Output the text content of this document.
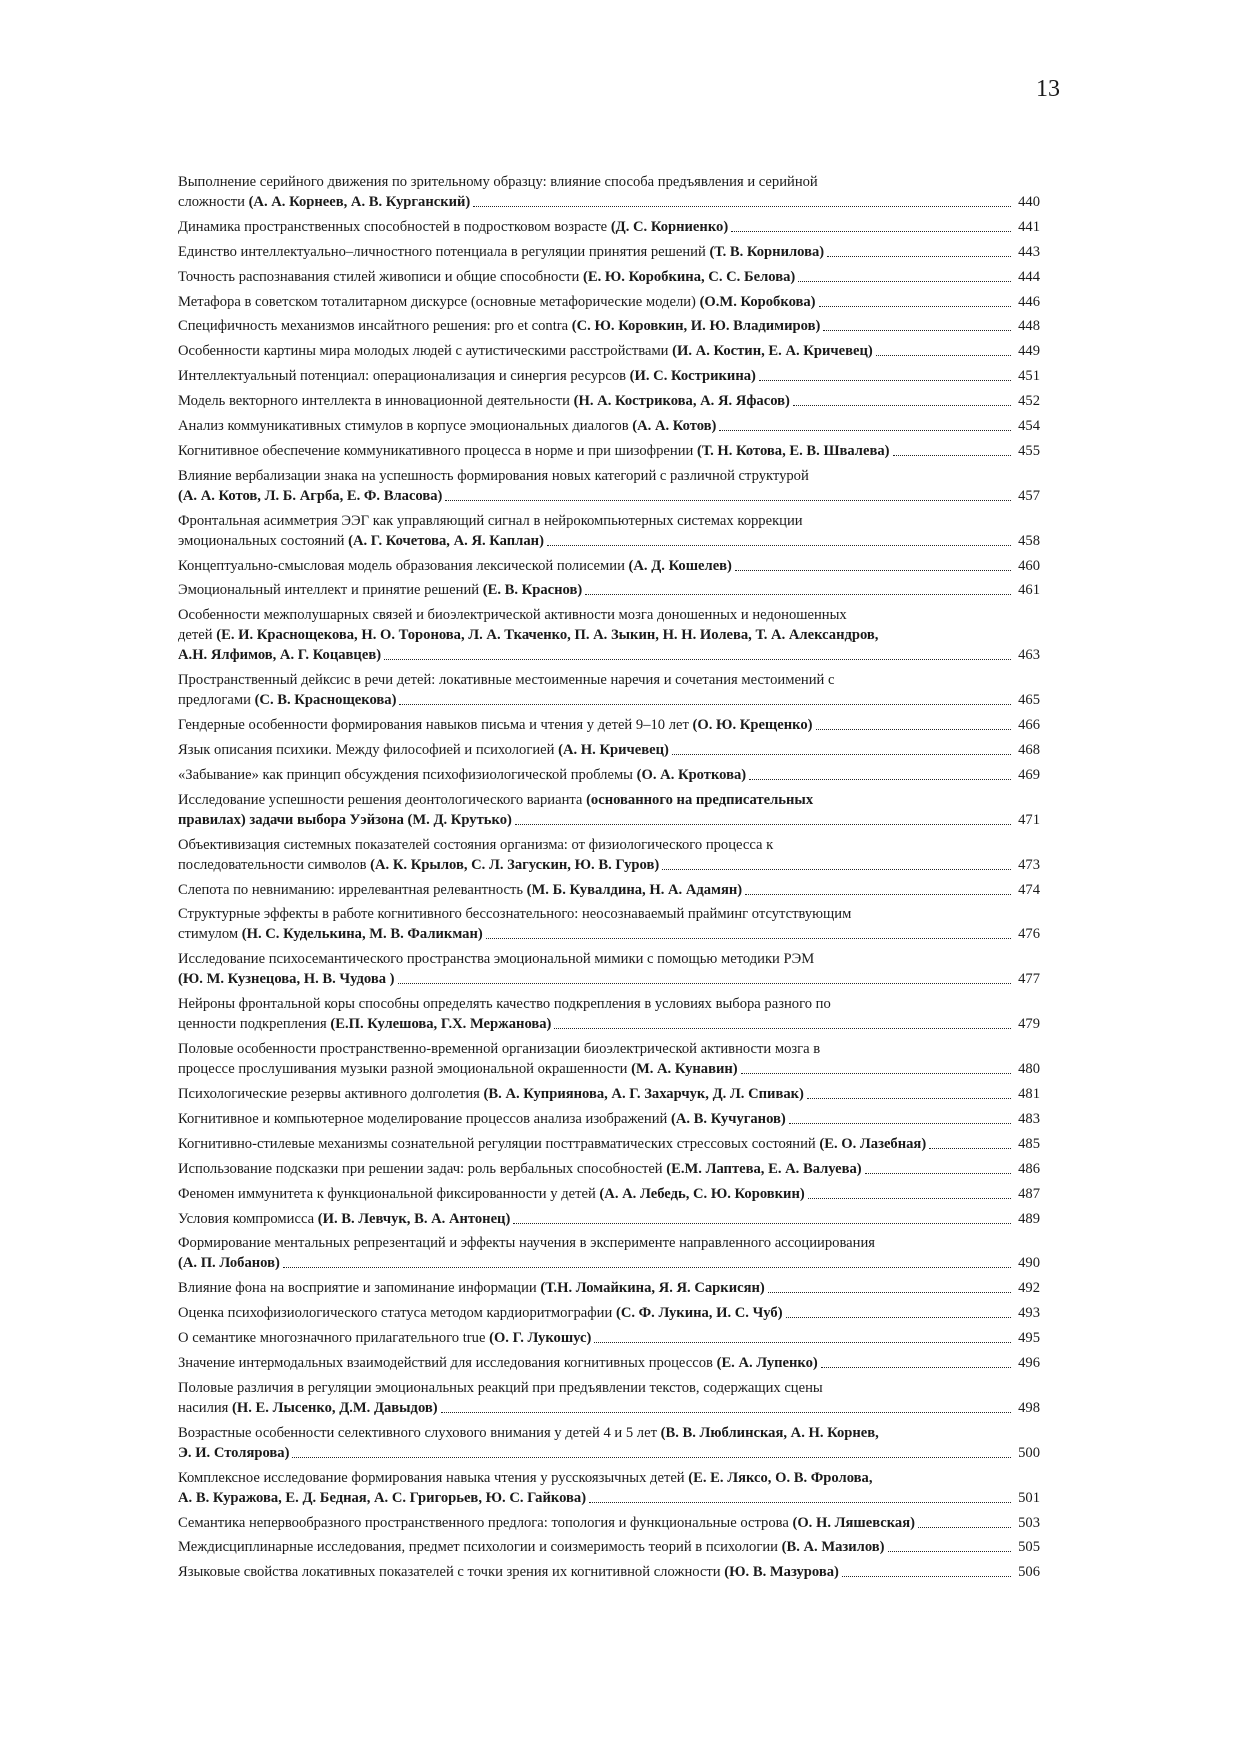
13
Выполнение серийного движения по зрительному образцу: влияние способа предъявления и серийной
сложности (А. А. Корнеев, А. В. Курганский)	440
Динамика пространственных способностей в подростковом возрасте (Д. С. Корниенко)	441
Единство интеллектуально–личностного потенциала в регуляции принятия решений (Т. В. Корнилова)	443
Точность распознавания стилей живописи и общие способности (Е. Ю. Коробкина, С. С. Белова)	444
Метафора в советском тоталитарном дискурсе (основные метафорические модели) (О.М. Коробкова)	446
Специфичность механизмов инсайтного решения: pro et contra (С. Ю. Коровкин, И. Ю. Владимиров)	448
Особенности картины мира молодых людей с аутистическими расстройствами (И. А. Костин, Е. А. Кричевец)	449
Интеллектуальный потенциал: операционализация и синергия ресурсов (И. С. Кострикина)	451
Модель векторного интеллекта в инновационной деятельности (Н. А. Кострикова, А. Я. Яфасов)	452
Анализ коммуникативных стимулов в корпусе эмоциональных диалогов (А. А. Котов)	454
Когнитивное обеспечение коммуникативного процесса в норме и при шизофрении (Т. Н. Котова, Е. В. Швалева)	455
Влияние вербализации знака на успешность формирования новых категорий с различной структурой
(А. А. Котов, Л. Б. Агрба, Е. Ф. Власова)	457
Фронтальная асимметрия ЭЭГ как управляющий сигнал в нейрокомпьютерных системах коррекции
эмоциональных состояний (А. Г. Кочетова, А. Я. Каплан)	458
Концептуально-смысловая модель образования лексической полисемии (А. Д. Кошелев)	460
Эмоциональный интеллект и принятие решений (Е. В. Краснов)	461
Особенности межполушарных связей и биоэлектрической активности мозга доношенных и недоношенных
детей (Е. И. Краснощекова, Н. О. Торонова, Л. А. Ткаченко, П. А. Зыкин, Н. Н. Иолева, Т. А. Александров,
А.Н. Ялфимов, А. Г. Коцавцев)	463
Пространственный дейксис в речи детей: локативные местоименные наречия и сочетания местоимений с
предлогами (С. В. Краснощекова)	465
Гендерные особенности формирования навыков письма и чтения у детей 9–10 лет (О. Ю. Крещенко)	466
Язык описания психики. Между философией и психологией (А. Н. Кричевец)	468
«Забывание» как принцип обсуждения психофизиологической проблемы (О. А. Кроткова)	469
Исследование успешности решения деонтологического варианта (основанного на предписательных
правилах) задачи выбора Уэйзона (М. Д. Крутько)	471
Объективизация системных показателей состояния организма: от физиологического процесса к
последовательности символов (А. К. Крылов, С. Л. Загускин, Ю. В. Гуров)	473
Слепота по невниманию: иррелевантная релевантность (М. Б. Кувалдина, Н. А. Адамян)	474
Структурные эффекты в работе когнитивного бессознательного: неосознаваемый прайминг отсутствующим
стимулом (Н. С. Куделькина, М. В. Фаликман)	476
Исследование психосемантического пространства эмоциональной мимики с помощью методики РЭМ
(Ю. М. Кузнецова, Н. В. Чудова )	477
Нейроны фронтальной коры способны определять качество подкрепления в условиях выбора разного по
ценности подкрепления (Е.П. Кулешова, Г.Х. Мержанова)	479
Половые особенности пространственно-временной организации биоэлектрической активности мозга в
процессе прослушивания музыки разной эмоциональной окрашенности (М. А. Кунавин)	480
Психологические резервы активного долголетия (В. А. Куприянова, А. Г. Захарчук, Д. Л. Спивак)	481
Когнитивное и компьютерное моделирование процессов анализа изображений (А. В. Кучуганов)	483
Когнитивно-стилевые механизмы сознательной регуляции посттравматических стрессовых состояний (Е. О. Лазебная)	485
Использование подсказки при решении задач: роль вербальных способностей (Е.М. Лаптева, Е. А. Валуева)	486
Феномен иммунитета к функциональной фиксированности у детей (А. А. Лебедь, С. Ю. Коровкин)	487
Условия компромисса (И. В. Левчук, В. А. Антонец)	489
Формирование ментальных репрезентаций и эффекты научения в эксперименте направленного ассоциирования
(А. П. Лобанов)	490
Влияние фона на восприятие и запоминание информации (Т.Н. Ломайкина, Я. Я. Саркисян)	492
Оценка психофизиологического статуса методом кардиоритмографии (С. Ф. Лукина, И. С. Чуб)	493
О семантике многозначного прилагательного true (О. Г. Лукошус)	495
Значение интермодальных взаимодействий для исследования когнитивных процессов (Е. А. Лупенко)	496
Половые различия в регуляции эмоциональных реакций при предъявлении текстов, содержащих сцены
насилия (Н. Е. Лысенко, Д.М. Давыдов)	498
Возрастные особенности селективного слухового внимания у детей 4 и 5 лет (В. В. Люблинская, А. Н. Корнев,
Э. И. Столярова)	500
Комплексное исследование формирования навыка чтения у русскоязычных детей (Е. Е. Ляксо, О. В. Фролова,
А. В. Куражова, Е. Д. Бедная, А. С. Григорьев, Ю. С. Гайкова)	501
Семантика непервообразного пространственного предлога: топология и функциональные острова (О. Н. Ляшевская)	503
Междисциплинарные исследования, предмет психологии и соизмеримость теорий в психологии (В. А. Мазилов)	505
Языковые свойства локативных показателей с точки зрения их когнитивной сложности (Ю. В. Мазурова)	506
